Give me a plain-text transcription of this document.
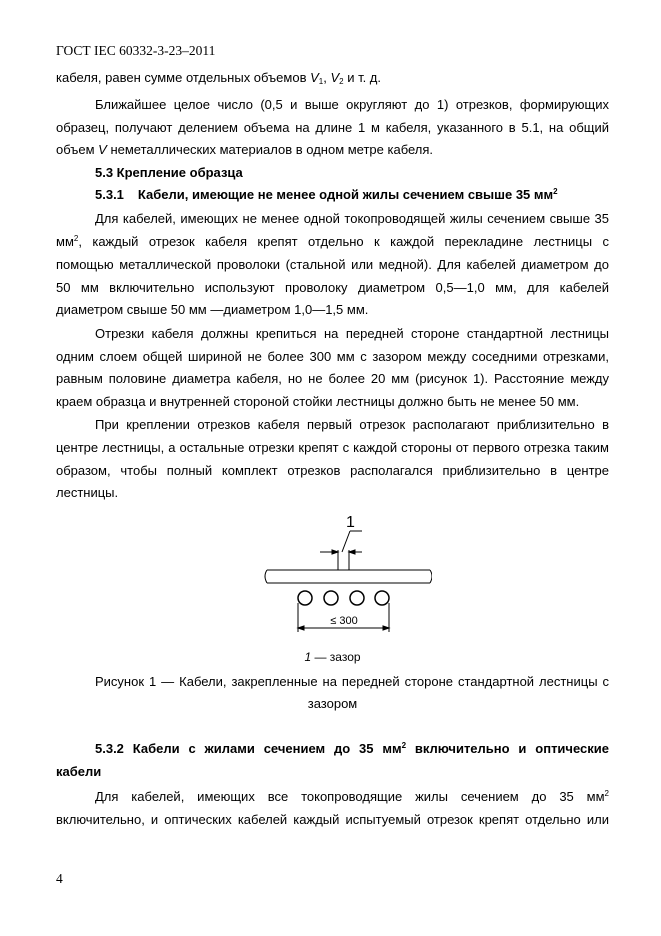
ГОСТ IEC 60332-3-23–2011
кабеля, равен сумме отдельных объемов $V_1$, $V_2$ и т. д.
Ближайшее целое число (0,5 и выше округляют до 1) отрезков, формирующих
образец, получают делением объема на длине 1 м кабеля, указанного в 5.1, на общий
объем V неметаллических материалов в одном метре кабеля.
5.3 Крепление образца
5.3.1 Кабели, имеющие не менее одной жилы сечением свыше 35 $мм^2$
Для кабелей, имеющих не менее одной токопроводящей жилы сечением свыше 35
$мм^2$, каждый отрезок кабеля крепят отдельно к каждой перекладине лестницы с
помощью металлической проволоки (стальной или медной). Для кабелей диаметром до
50 мм включительно используют проволоку диаметром 0,5—1,0 мм, для кабелей
диаметром свыше 50 мм —диаметром 1,0—1,5 мм.
Отрезки кабеля должны крепиться на передней стороне стандартной лестницы
одним слоем общей шириной не более 300 мм с зазором между соседними отрезками,
равным половине диаметра кабеля, но не более 20 мм (рисунок 1). Расстояние между
краем образца и внутренней стороной стойки лестницы должно быть не менее 50 мм.
При креплении отрезков кабеля первый отрезок располагают приблизительно в
центре лестницы, а остальные отрезки крепят с каждой стороны от первого отрезка таким
образом, чтобы полный комплект отрезков располагался приблизительно в центре
лестницы.
1
≤ 300
1 — зазор
Рисунок 1 — Кабели, закрепленные на передней стороне стандартной лестницы с
зазором
5.3.2 Кабели с жилами сечением до 35 $мм^2$ включительно и оптические
кабели
Для кабелей, имеющих все токопроводящие жилы сечением до 35 $мм^2$
включительно, и оптических кабелей каждый испытуемый отрезок крепят отдельно или
4
